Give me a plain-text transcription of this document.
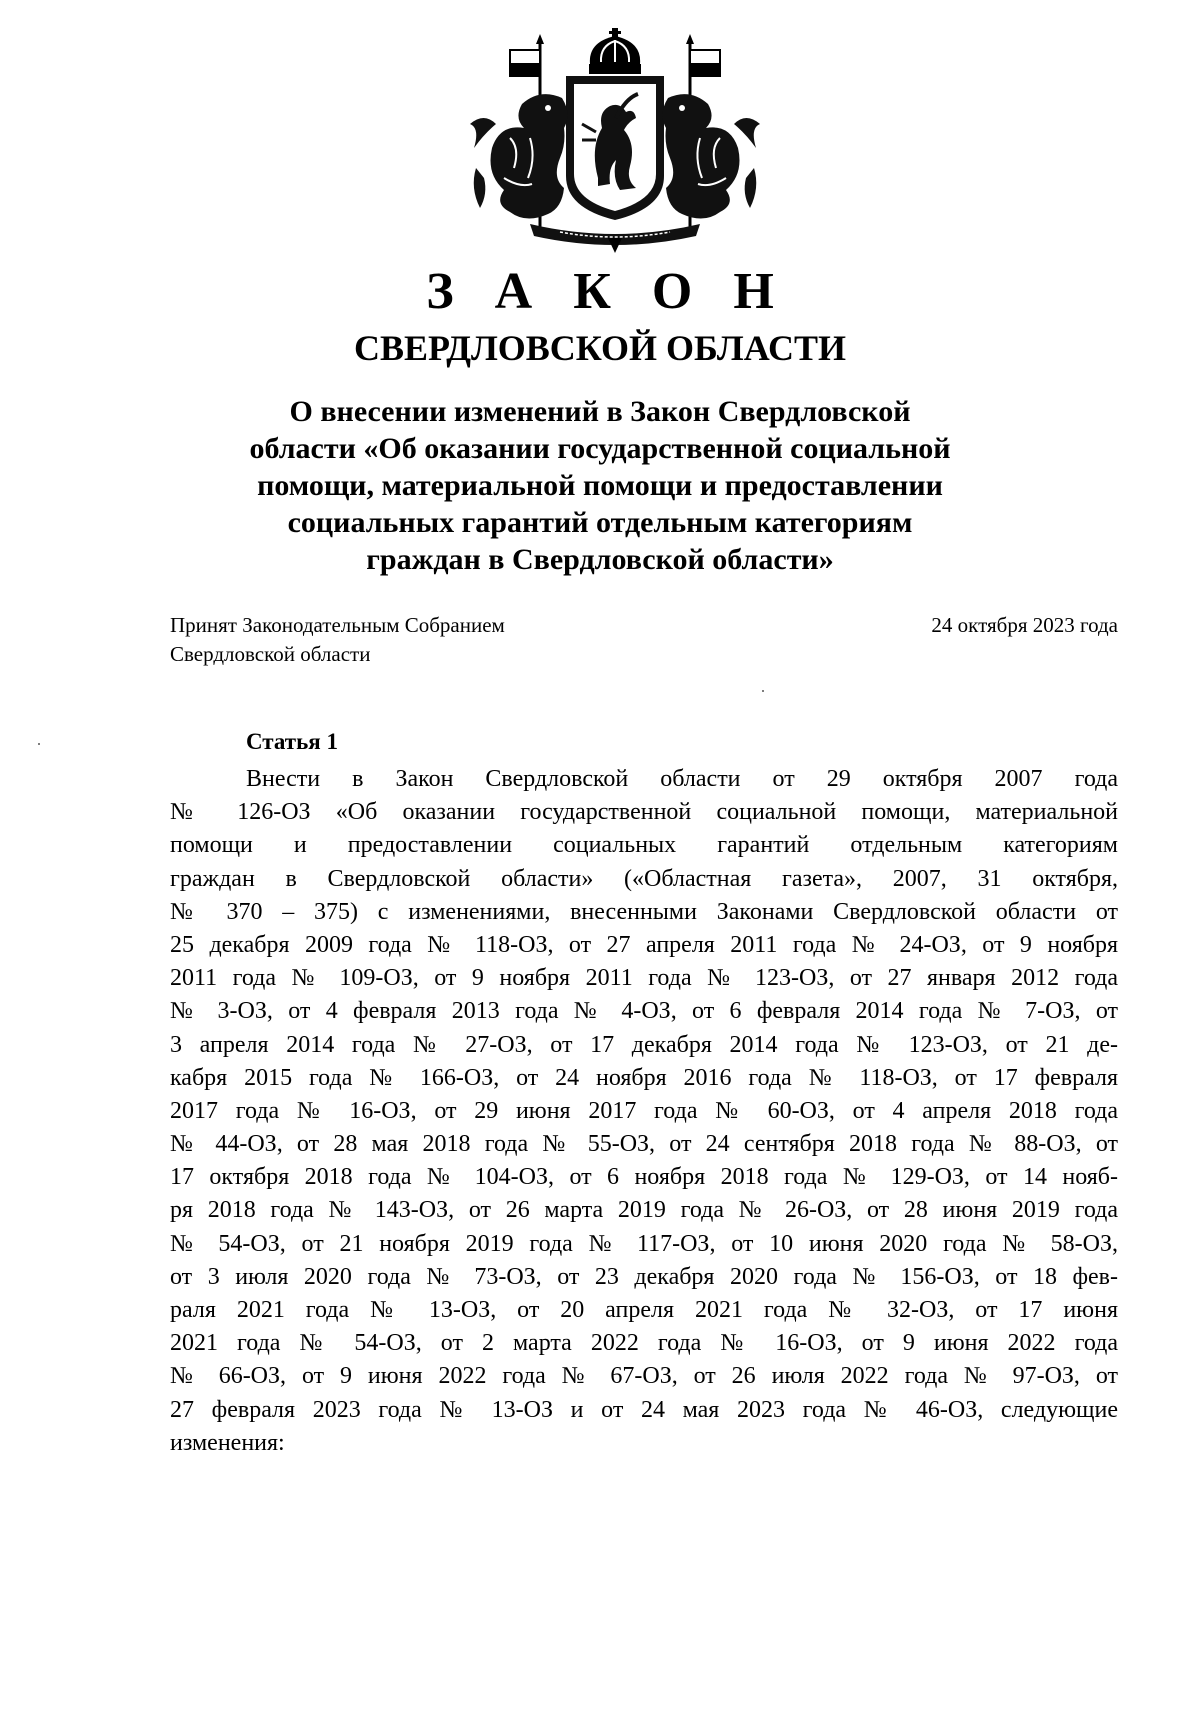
З А К О Н
СВЕРДЛОВСКОЙ ОБЛАСТИ
О внесении изменений в Закон Свердловской
области «Об оказании государственной социальной
помощи, материальной помощи и предоставлении
социальных гарантий отдельным категориям
граждан в Свердловской области»
Принят Законодательным Собранием
Свердловской области
24 октября 2023 года
Статья 1
Внести в Закон Свердловской области от 29 октября 2007 года
№ 126-ОЗ «Об оказании государственной социальной помощи, материальной
помощи и предоставлении социальных гарантий отдельным категориям
граждан в Свердловской области» («Областная газета», 2007, 31 октября,
№ 370 – 375) с изменениями, внесенными Законами Свердловской области от
25 декабря 2009 года № 118-ОЗ, от 27 апреля 2011 года № 24-ОЗ, от 9 ноября
2011 года № 109-ОЗ, от 9 ноября 2011 года № 123-ОЗ, от 27 января 2012 года
№ 3-ОЗ, от 4 февраля 2013 года № 4-ОЗ, от 6 февраля 2014 года № 7-ОЗ, от
3 апреля 2014 года № 27-ОЗ, от 17 декабря 2014 года № 123-ОЗ, от 21 де-
кабря 2015 года № 166-ОЗ, от 24 ноября 2016 года № 118-ОЗ, от 17 февраля
2017 года № 16-ОЗ, от 29 июня 2017 года № 60-ОЗ, от 4 апреля 2018 года
№ 44-ОЗ, от 28 мая 2018 года № 55-ОЗ, от 24 сентября 2018 года № 88-ОЗ, от
17 октября 2018 года № 104-ОЗ, от 6 ноября 2018 года № 129-ОЗ, от 14 нояб-
ря 2018 года № 143-ОЗ, от 26 марта 2019 года № 26-ОЗ, от 28 июня 2019 года
№ 54-ОЗ, от 21 ноября 2019 года № 117-ОЗ, от 10 июня 2020 года № 58-ОЗ,
от 3 июля 2020 года № 73-ОЗ, от 23 декабря 2020 года № 156-ОЗ, от 18 фев-
раля 2021 года № 13-ОЗ, от 20 апреля 2021 года № 32-ОЗ, от 17 июня
2021 года № 54-ОЗ, от 2 марта 2022 года № 16-ОЗ, от 9 июня 2022 года
№ 66-ОЗ, от 9 июня 2022 года № 67-ОЗ, от 26 июля 2022 года № 97-ОЗ, от
27 февраля 2023 года № 13-ОЗ и от 24 мая 2023 года № 46-ОЗ, следующие
изменения:
